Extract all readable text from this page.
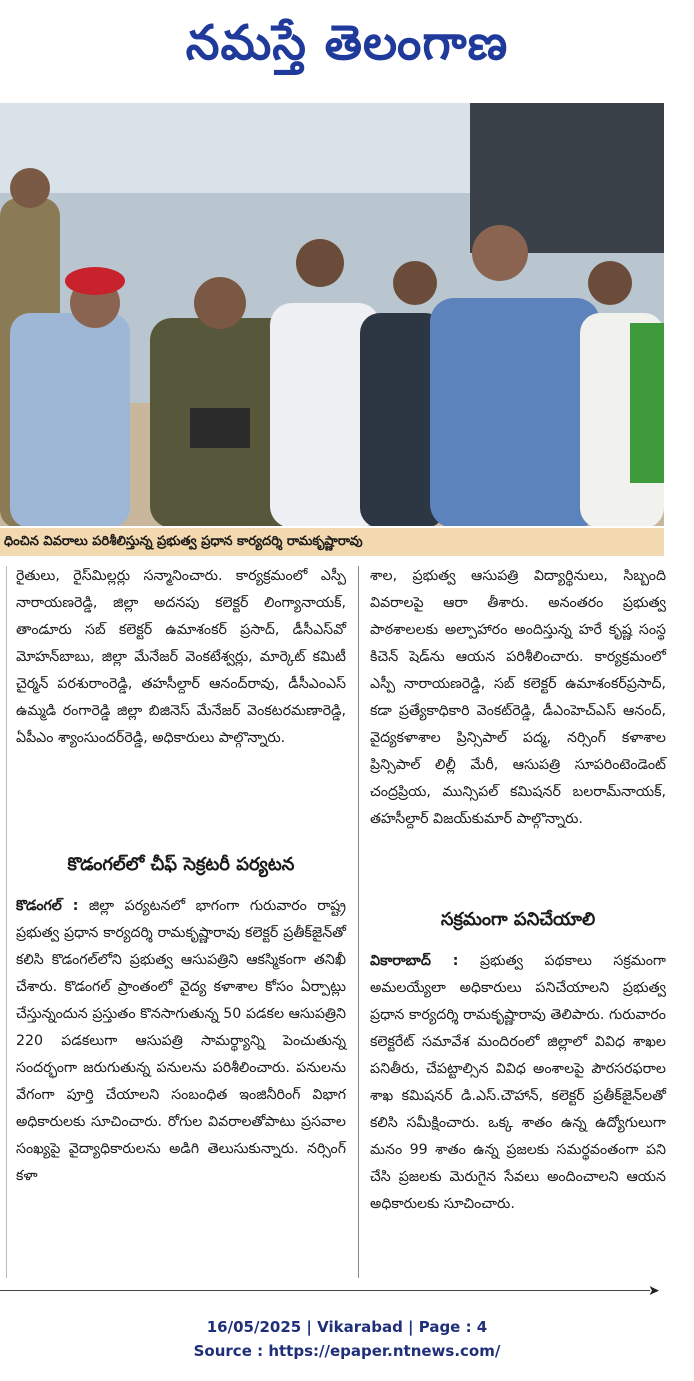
నమస్తే తెలంగాణ
ధించిన వివరాలు పరిశీలిస్తున్న ప్రభుత్వ ప్రధాన కార్యదర్శి రామకృష్ణారావు

రైతులు, రైస్‌మిల్లర్లు సన్మానించారు. కార్యక్రమంలో ఎస్పీ నారాయణరెడ్డి, జిల్లా అదనపు కలెక్టర్ లింగ్యానాయక్, తాండూరు సబ్ కలెక్టర్ ఉమాశంకర్ ప్రసాద్, డీసీఎస్‌వో మోహన్‌బాబు, జిల్లా మేనేజర్ వెంకటేశ్వర్లు, మార్కెట్ కమిటీ చైర్మన్ పరశురాంరెడ్డి, తహసీల్దార్ ఆనంద్‌రావు, డీసీఎంఎస్ ఉమ్మడి రంగారెడ్డి జిల్లా బిజినెస్ మేనేజర్ వెంకటరమణారెడ్డి, ఏపీఎం శ్యాంసుందర్‌రెడ్డి, అధికారులు పాల్గొన్నారు.

కొడంగల్‌లో చీఫ్ సెక్రటరీ పర్యటన

కొడంగల్ : జిల్లా పర్యటనలో భాగంగా గురువారం రాష్ట్ర ప్రభుత్వ ప్రధాన కార్యదర్శి రామకృష్ణారావు కలెక్టర్ ప్రతీక్‌జైన్‌తో కలిసి కొడంగల్‌లోని ప్రభుత్వ ఆసుపత్రిని ఆకస్మికంగా తనిఖీ చేశారు. కొడంగల్ ప్రాంతంలో వైద్య కళాశాల కోసం ఏర్పాట్లు చేస్తున్నందున ప్రస్తుతం కొనసాగుతున్న 50 పడకల ఆసుపత్రిని 220 పడకలుగా ఆసుపత్రి సామర్థ్యాన్ని పెంచుతున్న సందర్భంగా జరుగుతున్న పనులను పరిశీలించారు. పనులను వేగంగా పూర్తి చేయాలని సంబంధిత ఇంజినీరింగ్ విభాగ అధికారులకు సూచించారు. రోగుల వివరాలతోపాటు ప్రసవాల సంఖ్యపై వైద్యాధికారులను అడిగి తెలుసుకున్నారు. నర్సింగ్ కళా

శాల, ప్రభుత్వ ఆసుపత్రి విద్యార్థినులు, సిబ్బంది వివరాలపై ఆరా తీశారు. అనంతరం ప్రభుత్వ పాఠశాలలకు అల్పాహారం అందిస్తున్న హరే కృష్ణ సంస్థ కిచెన్ షెడ్‌ను ఆయన పరిశీలించారు. కార్యక్రమంలో ఎస్పీ నారాయణరెడ్డి, సబ్ కలెక్టర్ ఉమాశంకర్‌ప్రసాద్, కడా ప్రత్యేకాధికారి వెంకట్‌రెడ్డి, డీఎంహెచ్‌ఎస్ ఆనంద్, వైద్యకళాశాల ప్రిన్సిపాల్ పద్మ, నర్సింగ్ కళాశాల ప్రిన్సిపాల్ లిల్లీ మేరీ, ఆసుపత్రి సూపరింటెండెంట్ చంద్రప్రియ, మున్సిపల్ కమిషనర్ బలరామ్‌నాయక్, తహసీల్దార్ విజయ్‌కుమార్ పాల్గొన్నారు.

సక్రమంగా పనిచేయాలి

వికారాబాద్ : ప్రభుత్వ పథకాలు సక్రమంగా అమలయ్యేలా అధికారులు పనిచేయాలని ప్రభుత్వ ప్రధాన కార్యదర్శి రామకృష్ణారావు తెలిపారు. గురువారం కలెక్టరేట్ సమావేశ మందిరంలో జిల్లాలో వివిధ శాఖల పనితీరు, చేపట్టాల్సిన వివిధ అంశాలపై పౌరసరఫరాల శాఖ కమిషనర్ డి.ఎస్.చౌహాన్, కలెక్టర్ ప్రతీక్‌జైన్‌లతో కలిసి సమీక్షించారు. ఒక్క శాతం ఉన్న ఉద్యోగులుగా మనం 99 శాతం ఉన్న ప్రజలకు సమర్థవంతంగా పని చేసి ప్రజలకు మెరుగైన సేవలు అందించాలని ఆయన అధికారులకు సూచించారు.

➤
16/05/2025 | Vikarabad | Page : 4
Source : https://epaper.ntnews.com/
